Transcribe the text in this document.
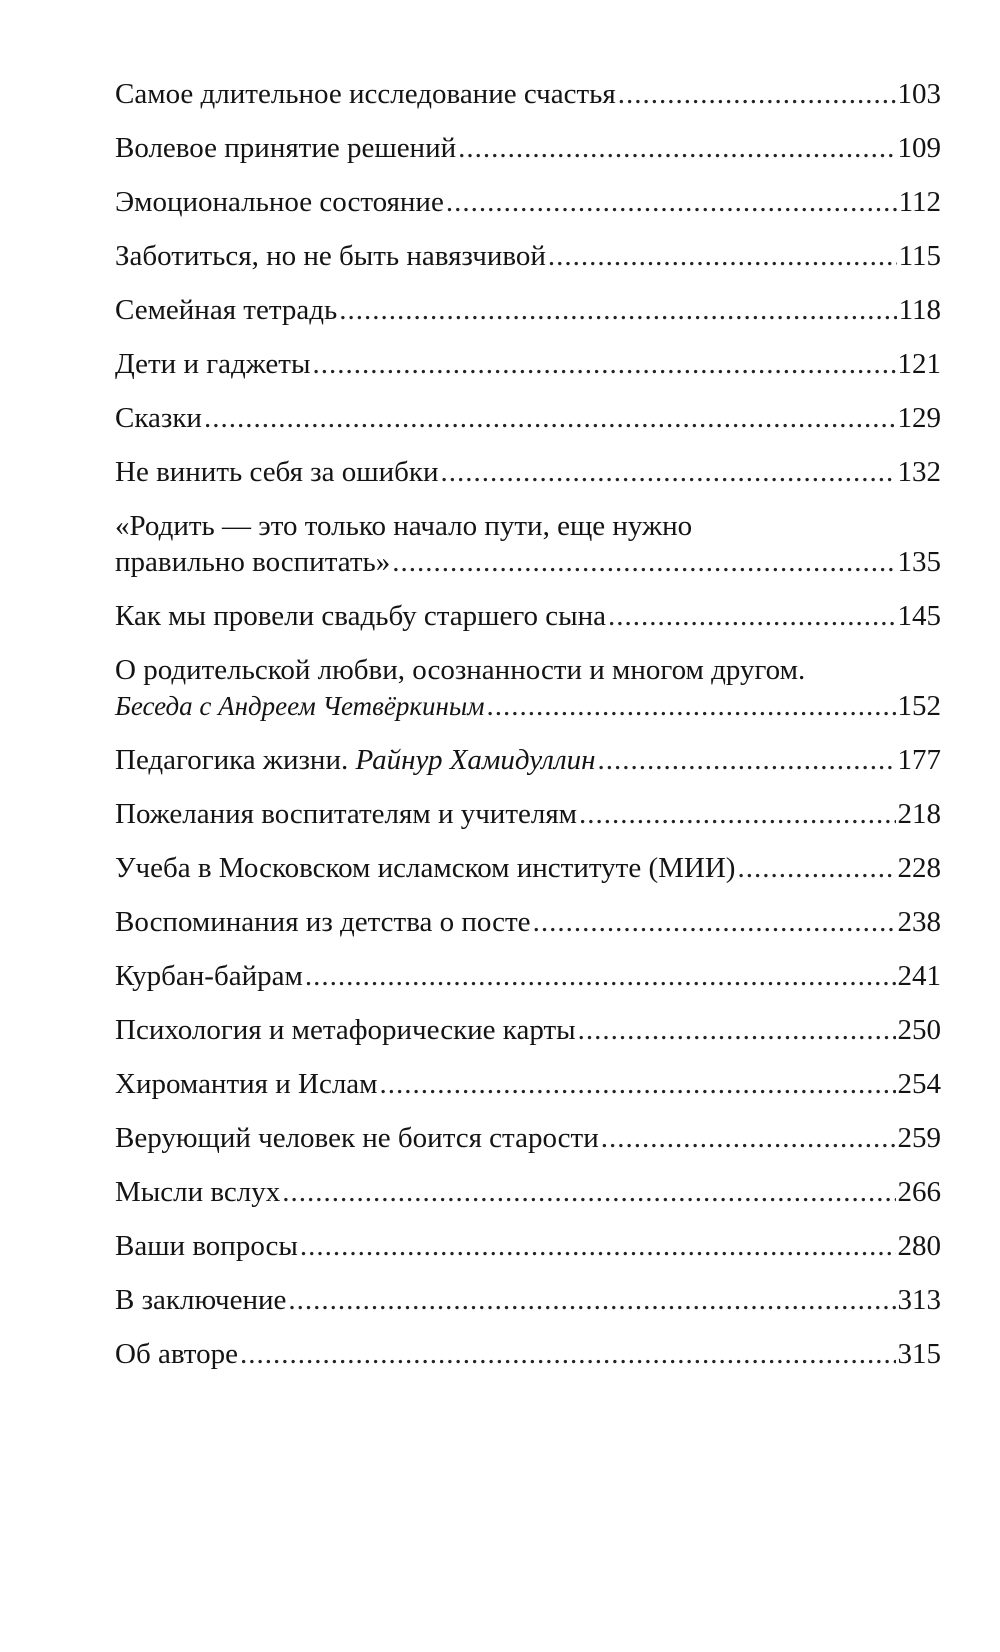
Самое длительное исследование счастья .....	103
Волевое принятие решений .....	109
Эмоциональное состояние .....	112
Заботиться, но не быть навязчивой .....	115
Семейная тетрадь .....	118
Дети и гаджеты .....	121
Сказки .....	129
Не винить себя за ошибки .....	132
«Родить — это только начало пути, еще нужно
правильно воспитать» .....	135
Как мы провели свадьбу старшего сына .....	145
О родительской любви, осознанности и многом другом.
Беседа с Андреем Четвёркиным .....	152
Педагогика жизни. Райнур Хамидуллин .....	177
Пожелания воспитателям и учителям .....	218
Учеба в Московском исламском институте (МИИ) .....	228
Воспоминания из детства о посте .....	238
Курбан-байрам .....	241
Психология и метафорические карты .....	250
Хиромантия и Ислам .....	254
Верующий человек не боится старости .....	259
Мысли вслух .....	266
Ваши вопросы .....	280
В заключение .....	313
Об авторе .....	315
